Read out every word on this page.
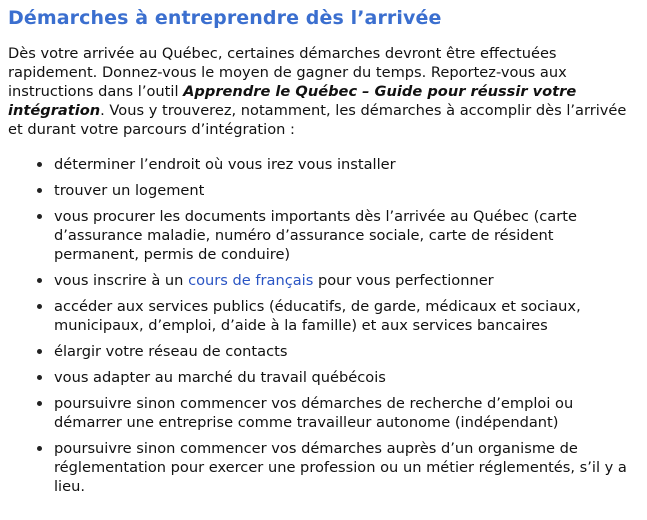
Démarches à entreprendre dès l’arrivée

Dès votre arrivée au Québec, certaines démarches devront être effectuées rapidement. Donnez-vous le moyen de gagner du temps. Reportez-vous aux instructions dans l’outil Apprendre le Québec – Guide pour réussir votre intégration. Vous y trouverez, notamment, les démarches à accomplir dès l’arrivée et durant votre parcours d’intégration :

déterminer l’endroit où vous irez vous installer
trouver un logement
vous procurer les documents importants dès l’arrivée au Québec (carte d’assurance maladie, numéro d’assurance sociale, carte de résident permanent, permis de conduire)
vous inscrire à un cours de français pour vous perfectionner
accéder aux services publics (éducatifs, de garde, médicaux et sociaux, municipaux, d’emploi, d’aide à la famille) et aux services bancaires
élargir votre réseau de contacts
vous adapter au marché du travail québécois
poursuivre sinon commencer vos démarches de recherche d’emploi ou démarrer une entreprise comme travailleur autonome (indépendant)
poursuivre sinon commencer vos démarches auprès d’un organisme de réglementation pour exercer une profession ou un métier réglementés, s’il y a lieu.
